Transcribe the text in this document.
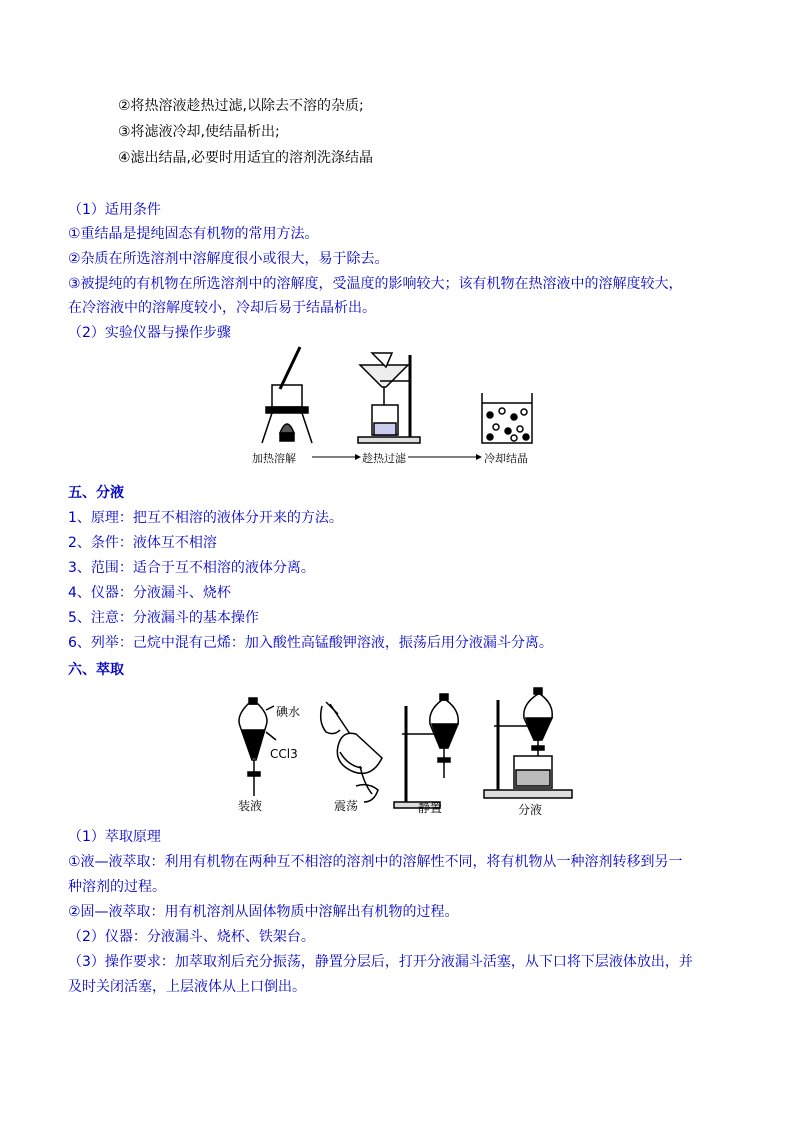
②将热溶液趁热过滤,以除去不溶的杂质;
③将滤液冷却,使结晶析出;
④滤出结晶,必要时用适宜的溶剂洗涤结晶
（1）适用条件
①重结晶是提纯固态有机物的常用方法。
②杂质在所选溶剂中溶解度很小或很大，易于除去。
③被提纯的有机物在所选溶剂中的溶解度，受温度的影响较大；该有机物在热溶液中的溶解度较大，
在冷溶液中的溶解度较小，冷却后易于结晶析出。
（2）实验仪器与操作步骤
加热溶解	趁热过滤	冷却结晶
五、分液
1、原理：把互不相溶的液体分开来的方法。
2、条件：液体互不相溶
3、范围：适合于互不相溶的液体分离。
4、仪器：分液漏斗、烧杯
5、注意：分液漏斗的基本操作
6、列举：己烷中混有己烯：加入酸性高锰酸钾溶液，振荡后用分液漏斗分离。
六、萃取
碘水
CCl3
装液	震荡	静置	分液
（1）萃取原理
①液—液萃取：利用有机物在两种互不相溶的溶剂中的溶解性不同，将有机物从一种溶剂转移到另一
种溶剂的过程。
②固—液萃取：用有机溶剂从固体物质中溶解出有机物的过程。
（2）仪器：分液漏斗、烧杯、铁架台。
（3）操作要求：加萃取剂后充分振荡，静置分层后，打开分液漏斗活塞，从下口将下层液体放出，并
及时关闭活塞，上层液体从上口倒出。
